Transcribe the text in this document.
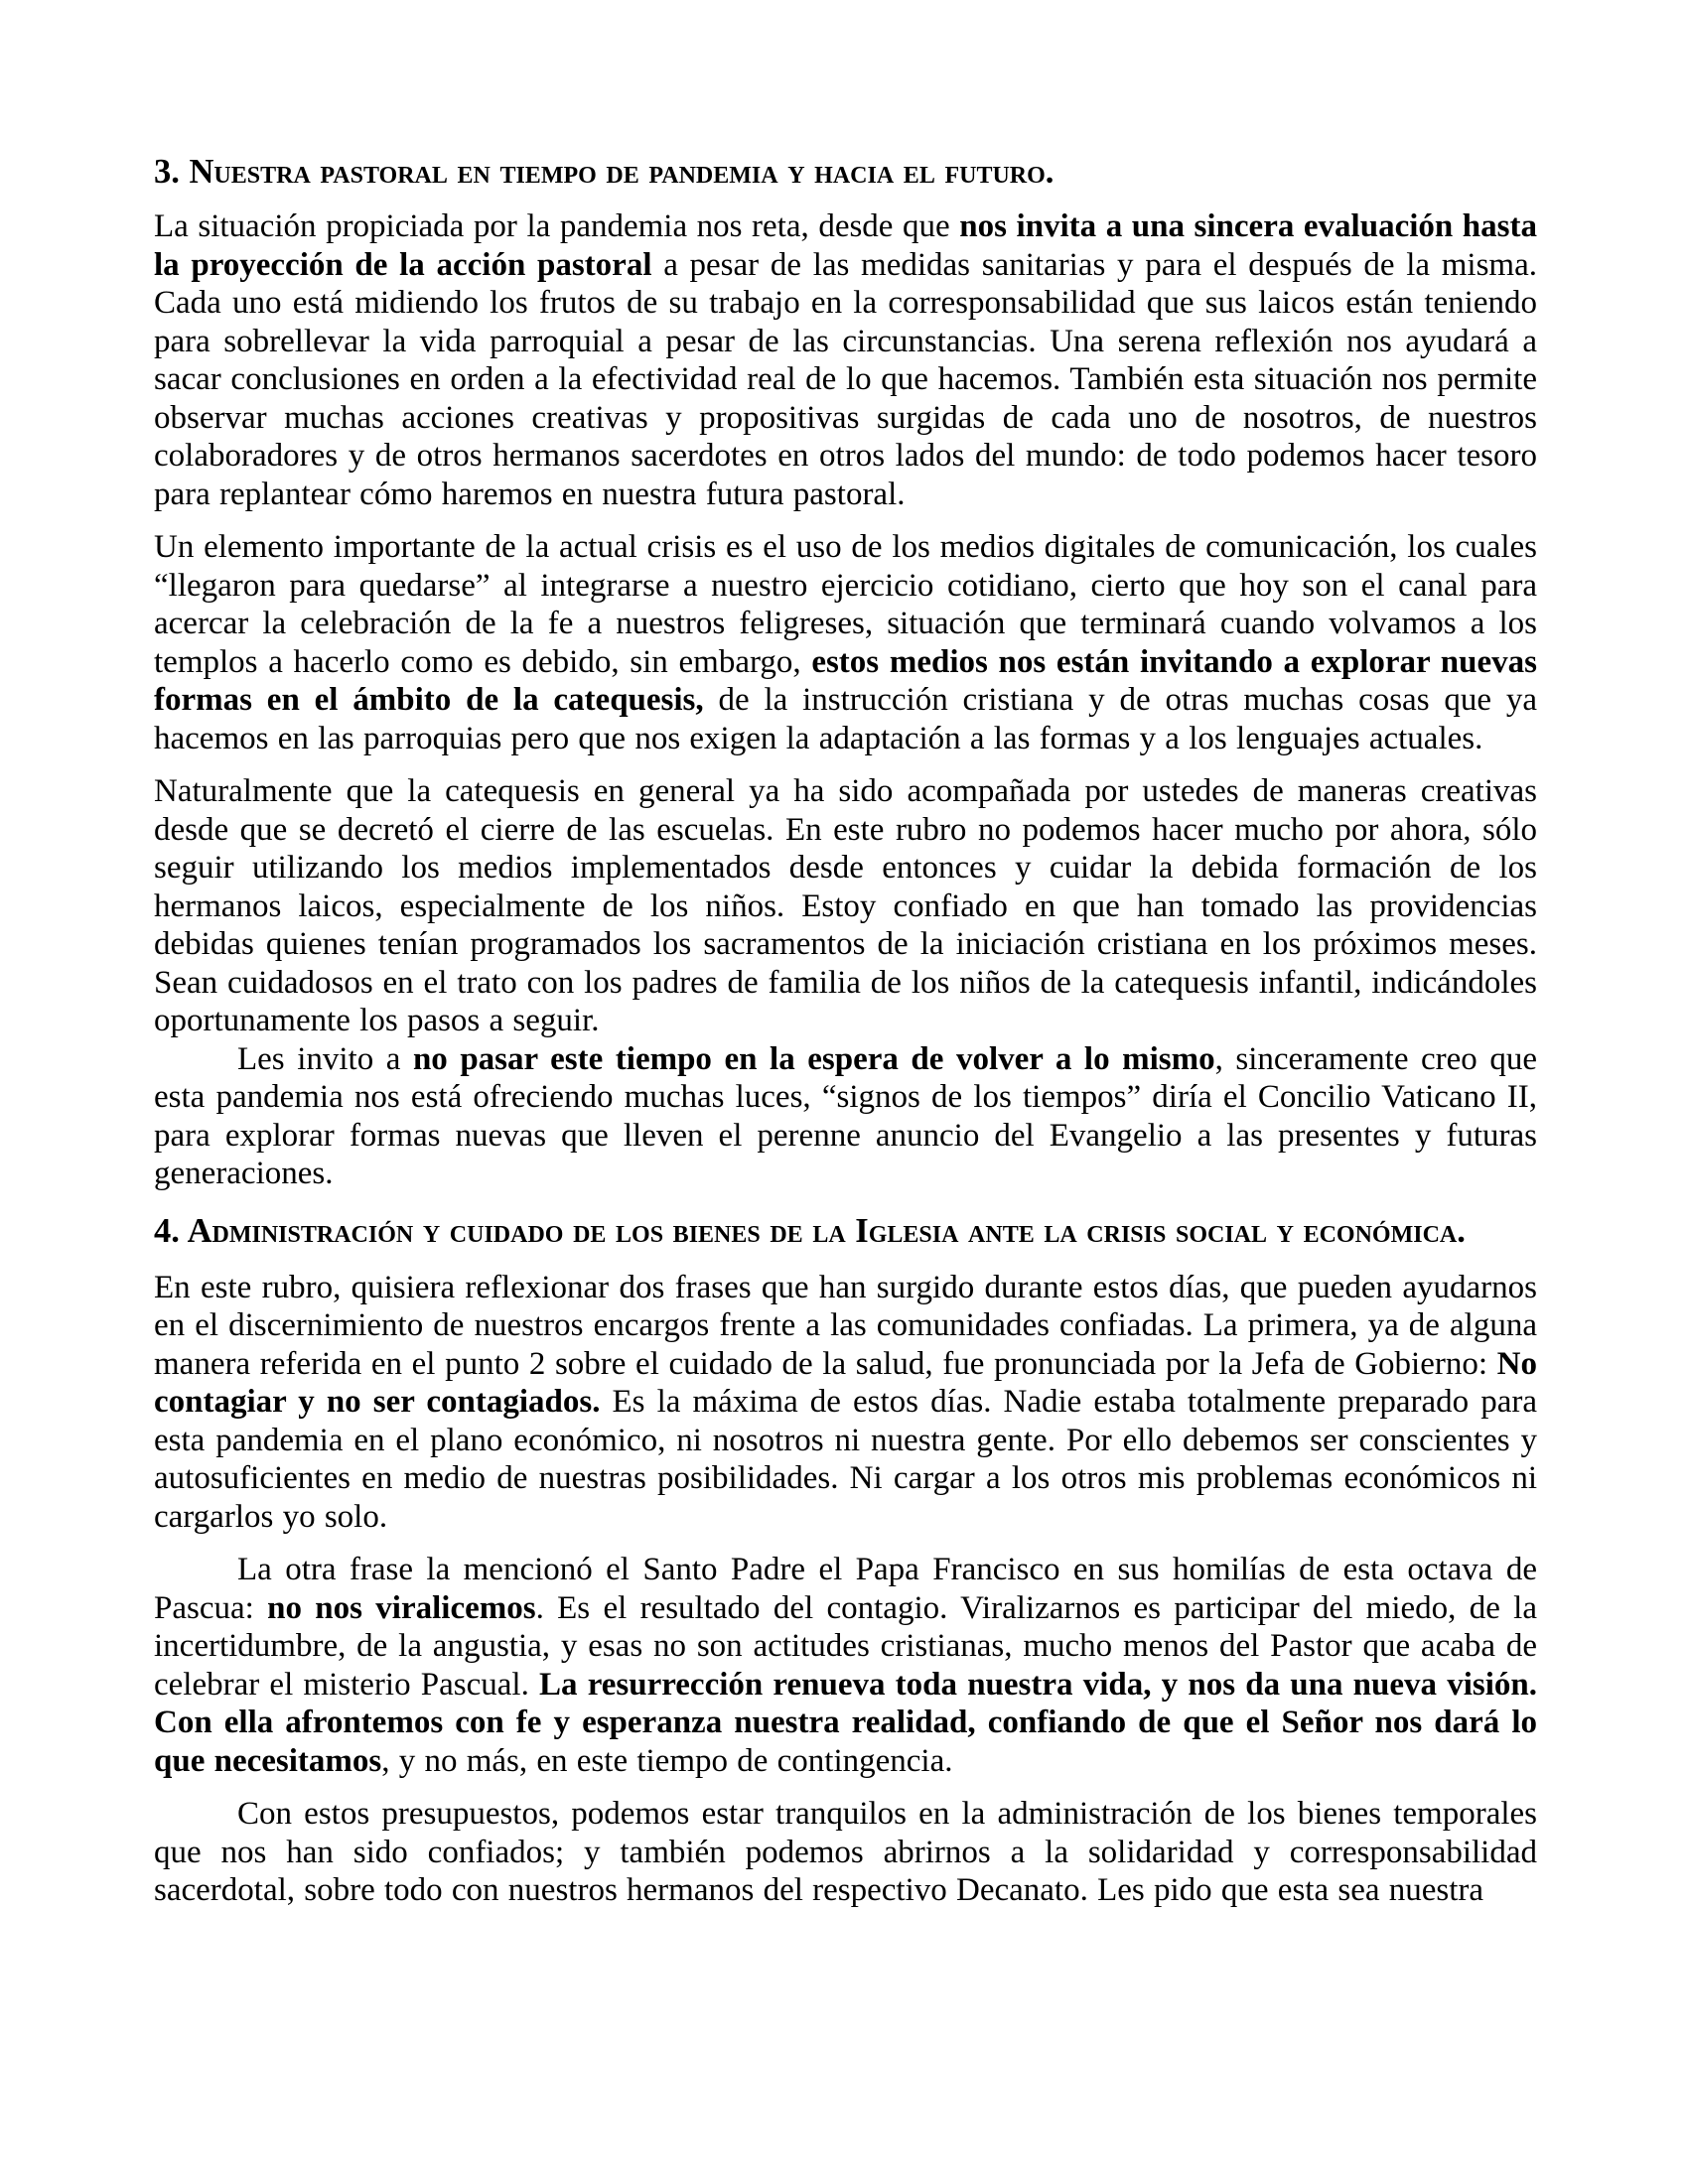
3. Nuestra pastoral en tiempo de pandemia y hacia el futuro.

La situación propiciada por la pandemia nos reta, desde que nos invita a una sincera evaluación hasta la proyección de la acción pastoral a pesar de las medidas sanitarias y para el después de la misma. Cada uno está midiendo los frutos de su trabajo en la corresponsabilidad que sus laicos están teniendo para sobrellevar la vida parroquial a pesar de las circunstancias. Una serena reflexión nos ayudará a sacar conclusiones en orden a la efectividad real de lo que hacemos. También esta situación nos permite observar muchas acciones creativas y propositivas surgidas de cada uno de nosotros, de nuestros colaboradores y de otros hermanos sacerdotes en otros lados del mundo: de todo podemos hacer tesoro para replantear cómo haremos en nuestra futura pastoral.

Un elemento importante de la actual crisis es el uso de los medios digitales de comunicación, los cuales “llegaron para quedarse” al integrarse a nuestro ejercicio cotidiano, cierto que hoy son el canal para acercar la celebración de la fe a nuestros feligreses, situación que terminará cuando volvamos a los templos a hacerlo como es debido, sin embargo, estos medios nos están invitando a explorar nuevas formas en el ámbito de la catequesis, de la instrucción cristiana y de otras muchas cosas que ya hacemos en las parroquias pero que nos exigen la adaptación a las formas y a los lenguajes actuales.

Naturalmente que la catequesis en general ya ha sido acompañada por ustedes de maneras creativas desde que se decretó el cierre de las escuelas. En este rubro no podemos hacer mucho por ahora, sólo seguir utilizando los medios implementados desde entonces y cuidar la debida formación de los hermanos laicos, especialmente de los niños. Estoy confiado en que han tomado las providencias debidas quienes tenían programados los sacramentos de la iniciación cristiana en los próximos meses. Sean cuidadosos en el trato con los padres de familia de los niños de la catequesis infantil, indicándoles oportunamente los pasos a seguir.

Les invito a no pasar este tiempo en la espera de volver a lo mismo, sinceramente creo que esta pandemia nos está ofreciendo muchas luces, “signos de los tiempos” diría el Concilio Vaticano II, para explorar formas nuevas que lleven el perenne anuncio del Evangelio a las presentes y futuras generaciones.

4. Administración y cuidado de los bienes de la Iglesia ante la crisis social y económica.

En este rubro, quisiera reflexionar dos frases que han surgido durante estos días, que pueden ayudarnos en el discernimiento de nuestros encargos frente a las comunidades confiadas. La primera, ya de alguna manera referida en el punto 2 sobre el cuidado de la salud, fue pronunciada por la Jefa de Gobierno: No contagiar y no ser contagiados. Es la máxima de estos días. Nadie estaba totalmente preparado para esta pandemia en el plano económico, ni nosotros ni nuestra gente. Por ello debemos ser conscientes y autosuficientes en medio de nuestras posibilidades. Ni cargar a los otros mis problemas económicos ni cargarlos yo solo.

La otra frase la mencionó el Santo Padre el Papa Francisco en sus homilías de esta octava de Pascua: no nos viralicemos. Es el resultado del contagio. Viralizarnos es participar del miedo, de la incertidumbre, de la angustia, y esas no son actitudes cristianas, mucho menos del Pastor que acaba de celebrar el misterio Pascual. La resurrección renueva toda nuestra vida, y nos da una nueva visión. Con ella afrontemos con fe y esperanza nuestra realidad, confiando de que el Señor nos dará lo que necesitamos, y no más, en este tiempo de contingencia.

Con estos presupuestos, podemos estar tranquilos en la administración de los bienes temporales que nos han sido confiados; y también podemos abrirnos a la solidaridad y corresponsabilidad sacerdotal, sobre todo con nuestros hermanos del respectivo Decanato. Les pido que esta sea nuestra
